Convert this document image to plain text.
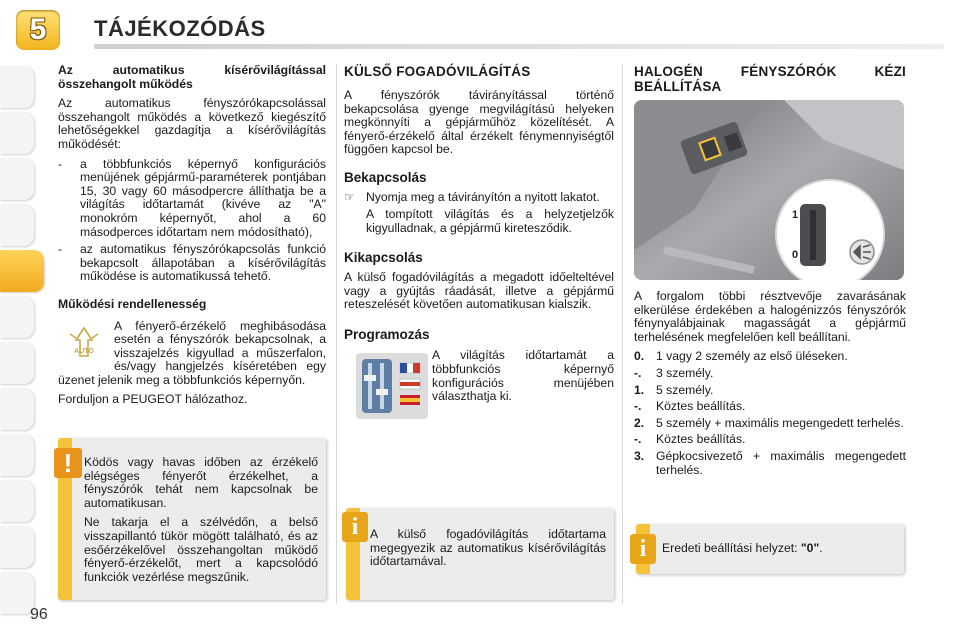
5 TÁJÉKOZÓDÁS
Az automatikus kísérővilágítással összehangolt működés

Az automatikus fényszórókapcsolással összehangolt működés a következő kiegészítő lehetőségekkel gazdagítja a kísérővilágítás működését:

-	a többfunkciós képernyő konfigurációs menüjének gépjármű-paraméterek pontjában 15, 30 vagy 60 másodpercre állíthatja be a világítás időtartamát (kivéve az "A" monokróm képernyőt, ahol a 60 másodperces időtartam nem módosítható),
-	az automatikus fényszórókapcsolás funkció bekapcsolt állapotában a kísérővilágítás működése is automatikussá tehető.
Működési rendellenesség
AUTO

A fényerő-érzékelő meghibásodása esetén a fényszórók bekapcsolnak, a visszajelzés kigyullad a műszerfalon, és/vagy hangjelzés kíséretében egy üzenet jelenik meg a többfunkciós képernyőn.

Forduljon a PEUGEOT hálózathoz.

Ködös vagy havas időben az érzékelő elégséges fényerőt érzékelhet, a fényszórók tehát nem kapcsolnak be automatikusan.

Ne takarja el a szélvédőn, a belső visszapillantó tükör mögött található, és az esőérzékelővel összehangoltan működő fényerő-érzékelőt, mert a kapcsolódó funkciók vezérlése megszűnik.

!
KÜLSŐ FOGADÓVILÁGÍTÁS

A fényszórók távirányítással történő bekapcsolása gyenge megvilágítású helyeken megkönnyíti a gépjárműhöz közelítését. A fényerő-érzékelő által érzékelt fénymennyiségtől függően kapcsol be.

Bekapcsolás
☞ Nyomja meg a távirányítón a nyitott lakatot.

A tompított világítás és a helyzetjelzők kigyulladnak, a gépjármű kiretesződik.

Kikapcsolás

A külső fogadóvilágítás a megadott időelteltével vagy a gyújtás ráadását, illetve a gépjármű reteszelését követően automatikusan kialszik.

Programozás

A világítás időtartamát a többfunkciós képernyő konfigurációs menüjében választhatja ki.

A külső fogadóvilágítás időtartama megegyezik az automatikus kísérővilágítás időtartamával.

i
HALOGÉN FÉNYSZÓRÓK KÉZI BEÁLLÍTÁSA
1
0

A forgalom többi résztvevője zavarásának elkerülése érdekében a halogénizzós fényszórók fénynyalábjainak magasságát a gépjármű terhelésének megfelelően kell beállítani.

0. 1 vagy 2 személy az első üléseken.
-.	3 személy.
1. 5 személy.
-.	Köztes beállítás.
2. 5 személy + maximális megengedett terhelés.
-.	Köztes beállítás.
3. Gépkocsivezető + maximális megengedett terhelés.
Eredeti beállítási helyzet: "0".
i
96
